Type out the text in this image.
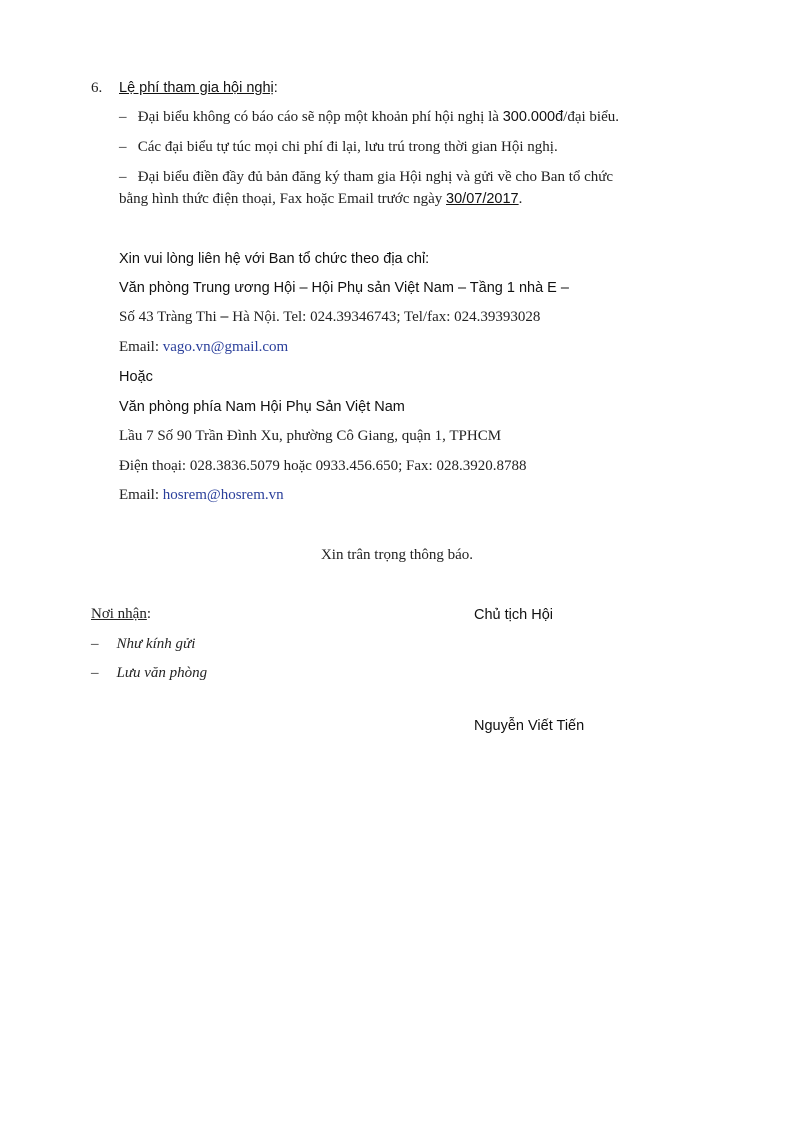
6. Lệ phí tham gia hội nghị:
– Đại biểu không có báo cáo sẽ nộp một khoản phí hội nghị là 300.000đ/đại biểu.
– Các đại biểu tự túc mọi chi phí đi lại, lưu trú trong thời gian Hội nghị.
– Đại biểu điền đầy đủ bản đăng ký tham gia Hội nghị và gửi về cho Ban tổ chức
bằng hình thức điện thoại, Fax hoặc Email trước ngày 30/07/2017.
Xin vui lòng liên hệ với Ban tổ chức theo địa chỉ:
Văn phòng Trung ương Hội – Hội Phụ sản Việt Nam – Tầng 1 nhà E –
Số 43 Tràng Thi – Hà Nội. Tel: 024.39346743; Tel/fax: 024.39393028
Email: vago.vn@gmail.com
Hoặc
Văn phòng phía Nam Hội Phụ Sản Việt Nam
Lầu 7 Số 90 Trần Đình Xu, phường Cô Giang, quận 1, TPHCM
Điện thoại: 028.3836.5079 hoặc 0933.456.650; Fax: 028.3920.8788
Email: hosrem@hosrem.vn
Xin trân trọng thông báo.
Nơi nhận:
– Như kính gửi
– Lưu văn phòng
Chủ tịch Hội
Nguyễn Viết Tiến
